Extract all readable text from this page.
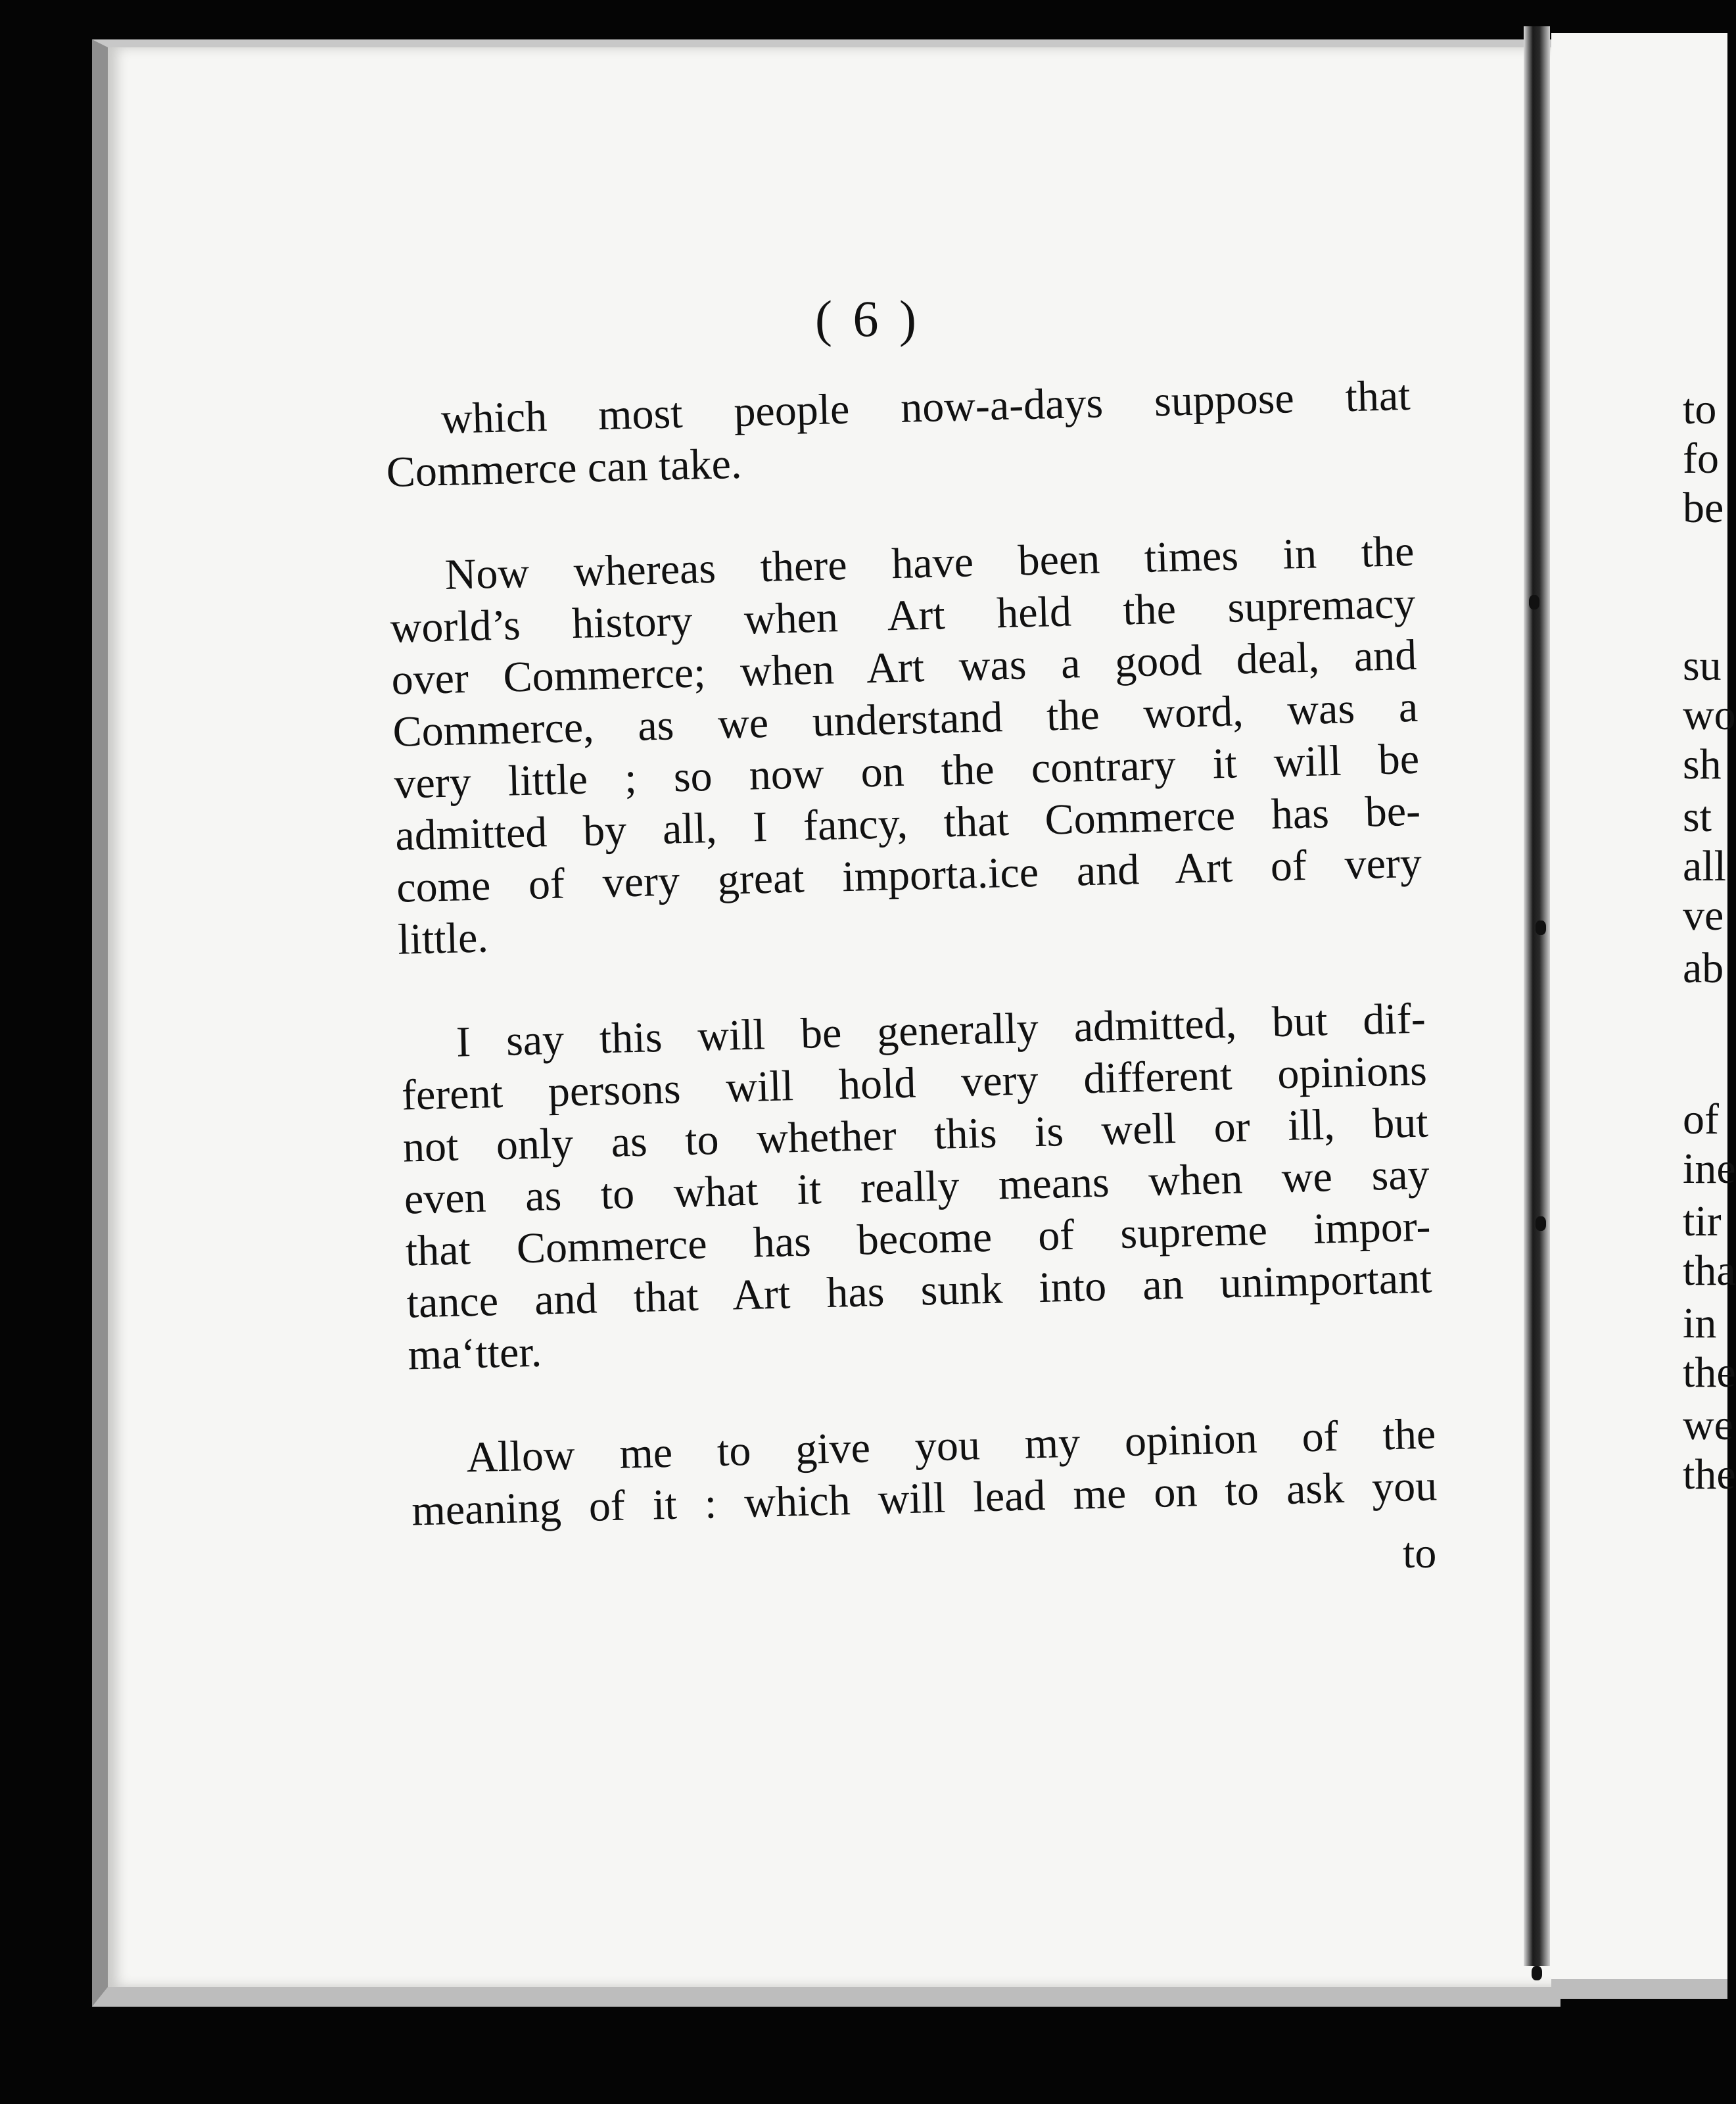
( 6 )
which most people now-a-days suppose that
Commerce can take.
Now whereas there have been times in the
world’s history when Art held the supremacy
over Commerce; when Art was a good deal, and
Commerce, as we understand the word, was a
very little ; so now on the contrary it will be
admitted by all, I fancy, that Commerce has be-
come of very great importa.ice and Art of very
little.
I say this will be generally admitted, but dif-
ferent persons will hold very different opinions
not only as to whether this is well or ill, but
even as to what it really means when we say
that Commerce has become of supreme impor-
tance and that Art has sunk into an unimportant
ma‘tter.
Allow me to give you my opinion of the
meaning of it : which will lead me on to ask you
to
to
fo
be
su
wo
sh
st
all
ve
ab
of
ine
tir
tha
in
the
we
the
